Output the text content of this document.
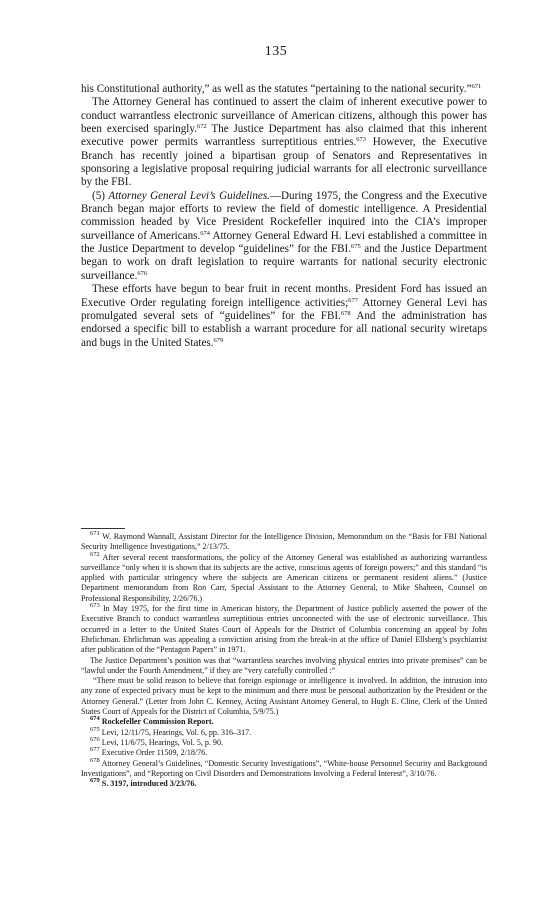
135

his Constitutional authority,” as well as the statutes “pertaining to the national security.”$^{671}$

The Attorney General has continued to assert the claim of inherent executive power to conduct warrantless electronic surveillance of American citizens, although this power has been exercised sparingly.$^{672}$ The Justice Department has also claimed that this inherent executive power permits warrantless surreptitious entries.$^{673}$ However, the Executive Branch has recently joined a bipartisan group of Senators and Representatives in sponsoring a legislative proposal requiring judicial warrants for all electronic surveillance by the FBI.

(5) Attorney General Levi’s Guidelines.—During 1975, the Congress and the Executive Branch began major efforts to review the field of domestic intelligence. A Presidential commission headed by Vice President Rockefeller inquired into the CIA’s improper surveillance of Americans.$^{674}$ Attorney General Edward H. Levi established a committee in the Justice Department to develop “guidelines” for the FBI.$^{675}$ and the Justice Department began to work on draft legislation to require warrants for national security electronic surveillance.$^{676}$

These efforts have begun to bear fruit in recent months. President Ford has issued an Executive Order regulating foreign intelligence activities;$^{677}$ Attorney General Levi has promulgated several sets of “guidelines” for the FBI.$^{678}$ And the administration has endorsed a specific bill to establish a warrant procedure for all national security wiretaps and bugs in the United States.$^{679}$

$^{671}$ W. Raymond Wannall, Assistant Director for the Intelligence Division, Memorandum on the “Basis for FBI National Security Intelligence Investigations,” 2/13/75.

$^{672}$ After several recent transformations, the policy of the Attorney General was established as authorizing warrantless surveillance “only when it is shown that its subjects are the active, conscious agents of foreign powers;” and this standard “is applied with particular stringency where the subjects are American citizens or permanent resident aliens.” (Justice Department memorandum from Ron Carr, Special Assistant to the Attorney General, to Mike Shaheen, Counsel on Professional Responsibility, 2/26/76.)

$^{673}$ In May 1975, for the first time in American history, the Department of Justice publicly asserted the power of the Executive Branch to conduct warrantless surreptitious entries unconnected with the use of electronic surveillance. This occurred in a letter to the United States Court of Appeals for the District of Columbia concerning an appeal by John Ehrlichman. Ehrlichman was appealing a conviction arising from the break-in at the office of Daniel Ellsberg’s psychiatrist after publication of the “Pentagon Papers” in 1971.

The Justice Department’s position was that “warrantless searches involving physical entries into private premises” can be “lawful under the Fourth Amendment,” if they are “very carefully controlled :”

“There must be solid reason to believe that foreign espionage or intelligence is involved. In addition, the intrusion into any zone of expected privacy must be kept to the minimum and there must be personal authorization by the President or the Attorney General.” (Letter from John C. Kenney, Acting Assistant Attorney General, to Hugh E. Cline, Clerk of the United States Court of Appeals for the District of Columbia, 5/9/75.)

$^{674}$ Rockefeller Commission Report.

$^{675}$ Levi, 12/11/75, Hearings, Vol. 6, pp. 316–317.

$^{676}$ Levi, 11/6/75, Hearings, Vol. 5, p. 90.

$^{677}$ Executive Order 11509, 2/18/76.

$^{678}$ Attorney General’s Guidelines, “Domestic Security Investigations”, “White-house Personnel Security and Background Investigations”, and “Reporting on Civil Disorders and Demonstrations Involving a Federal Interest”, 3/10/76.

$^{679}$ S. 3197, introduced 3/23/76.
